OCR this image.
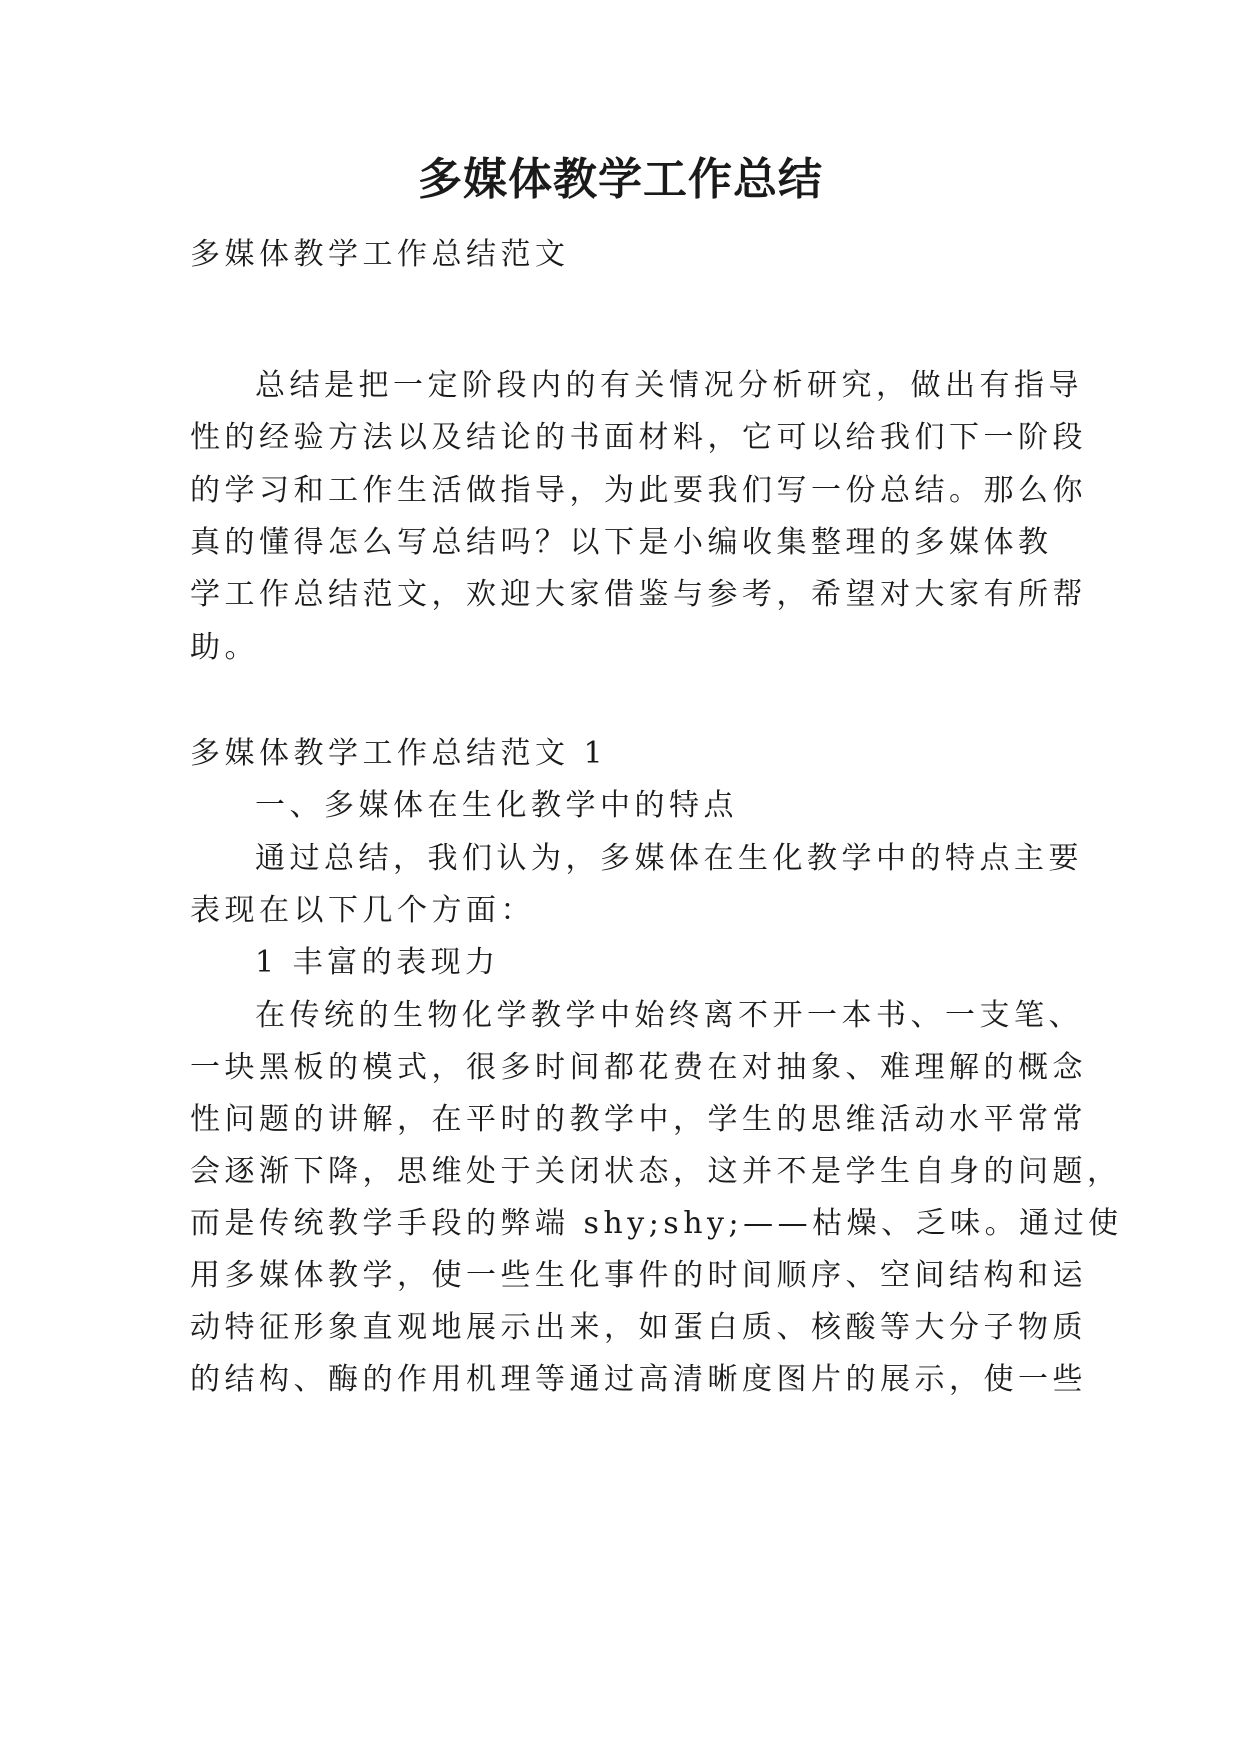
多媒体教学工作总结
多媒体教学工作总结范文
总结是把一定阶段内的有关情况分析研究，做出有指导
性的经验方法以及结论的书面材料，它可以给我们下一阶段
的学习和工作生活做指导，为此要我们写一份总结。那么你
真的懂得怎么写总结吗？以下是小编收集整理的多媒体教
学工作总结范文，欢迎大家借鉴与参考，希望对大家有所帮
助。
多媒体教学工作总结范文 1
一、多媒体在生化教学中的特点
通过总结，我们认为，多媒体在生化教学中的特点主要
表现在以下几个方面：
1 丰富的表现力
在传统的生物化学教学中始终离不开一本书、一支笔、
一块黑板的模式，很多时间都花费在对抽象、难理解的概念
性问题的讲解，在平时的教学中，学生的思维活动水平常常
会逐渐下降，思维处于关闭状态，这并不是学生自身的问题，
而是传统教学手段的弊端 shy;shy;——枯燥、乏味。通过使
用多媒体教学，使一些生化事件的时间顺序、空间结构和运
动特征形象直观地展示出来，如蛋白质、核酸等大分子物质
的结构、酶的作用机理等通过高清晰度图片的展示，使一些
